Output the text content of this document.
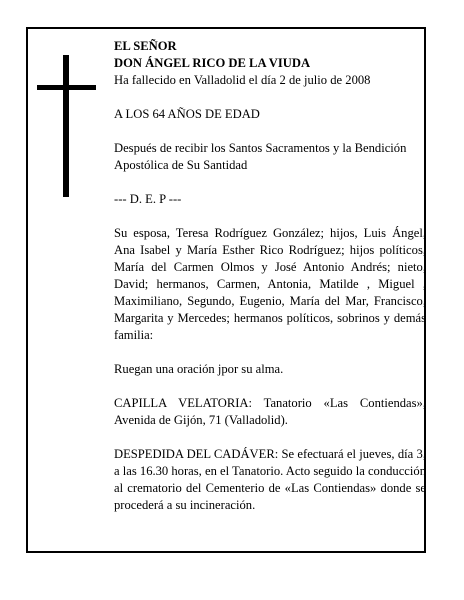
EL SEÑOR
DON ÁNGEL RICO DE LA VIUDA
Ha fallecido en Valladolid el día 2 de julio de 2008
A LOS 64 AÑOS DE EDAD
Después de recibir los Santos Sacramentos y la Bendición Apostólica de Su Santidad
--- D. E. P ---
Su esposa, Teresa Rodríguez González; hijos, Luis Ángel, Ana Isabel y María Esther Rico Rodríguez; hijos políticos, María del Carmen Olmos y José Antonio Andrés; nieto, David; hermanos, Carmen, Antonia, Matilde , Miguel , Maximiliano, Segundo, Eugenio, María del Mar, Francisco, Margarita y Mercedes; hermanos políticos, sobrinos y demás familia:
Ruegan una oración jpor su alma.
CAPILLA VELATORIA: Tanatorio «Las Contiendas», Avenida de Gijón, 71 (Valladolid).
DESPEDIDA DEL CADÁVER: Se efectuará el jueves, día 3, a las 16.30 horas, en el Tanatorio. Acto seguido la conducción al crematorio del Cementerio de «Las Contiendas» donde se procederá a su incineración.
